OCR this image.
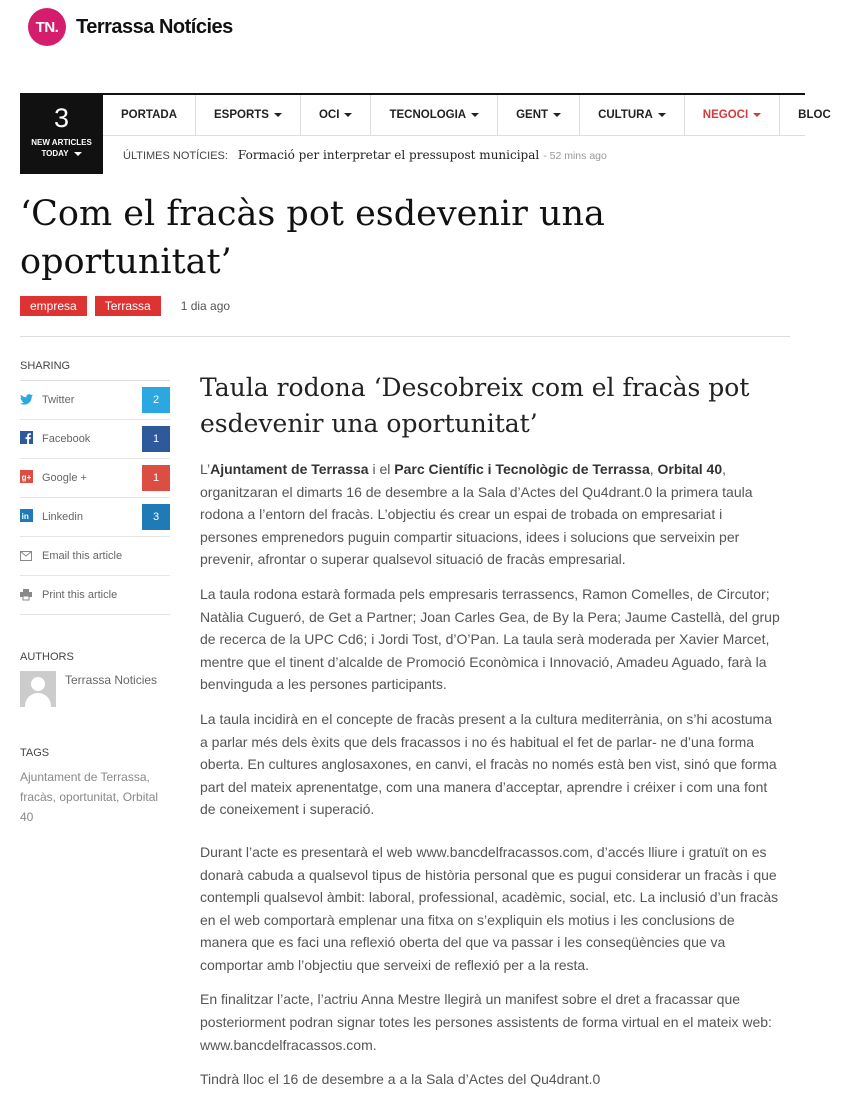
TN. Terrassa Notícies
3
NEW ARTICLES
TODAY
PORTADA	ESPORTS	OCI	TECNOLOGIA	GENT	CULTURA	NEGOCI	BLOC
ÚLTIMES NOTÍCIES: Formació per interpretar el pressupost municipal - 52 mins ago
‘Com el fracàs pot esdevenir una oportunitat’
empresa	Terrassa	1 dia ago
SHARING
Twitter	2
Facebook	1
g+ Google +	1
in Linkedin	3
Email this article
Print this article
AUTHORS
Terrassa Noticies
TAGS
Ajuntament de Terrassa, fracàs, oportunitat, Orbital 40
Taula rodona ‘Descobreix com el fracàs pot esdevenir una oportunitat’

L’Ajuntament de Terrassa i el Parc Científic i Tecnològic de Terrassa, Orbital 40, organitzaran el dimarts 16 de desembre a la Sala d’Actes del Qu4drant.0 la primera taula rodona a l’entorn del fracàs. L’objectiu és crear un espai de trobada on empresariat i persones emprenedors puguin compartir situacions, idees i solucions que serveixin per prevenir, afrontar o superar qualsevol situació de fracàs empresarial.

La taula rodona estarà formada pels empresaris terrassencs, Ramon Comelles, de Circutor; Natàlia Cugueró, de Get a Partner; Joan Carles Gea, de By la Pera; Jaume Castellà, del grup de recerca de la UPC Cd6; i Jordi Tost, d’O’Pan. La taula serà moderada per Xavier Marcet, mentre que el tinent d’alcalde de Promoció Econòmica i Innovació, Amadeu Aguado, farà la benvinguda a les persones participants.

La taula incidirà en el concepte de fracàs present a la cultura mediterrània, on s’hi acostuma a parlar més dels èxits que dels fracassos i no és habitual el fet de parlar- ne d’una forma oberta. En cultures anglosaxones, en canvi, el fracàs no només està ben vist, sinó que forma part del mateix aprenentatge, com una manera d’acceptar, aprendre i créixer i com una font de coneixement i superació.

Durant l’acte es presentarà el web www.bancdelfracassos.com, d’accés lliure i gratuït on es donarà cabuda a qualsevol tipus de història personal que es pugui considerar un fracàs i que contempli qualsevol àmbit: laboral, professional, acadèmic, social, etc. La inclusió d’un fracàs en el web comportarà emplenar una fitxa on s’expliquin els motius i les conclusions de manera que es faci una reflexió oberta del que va passar i les conseqüències que va comportar amb l’objectiu que serveixi de reflexió per a la resta.

En finalitzar l’acte, l’actriu Anna Mestre llegirà un manifest sobre el dret a fracassar que posteriorment podran signar totes les persones assistents de forma virtual en el mateix web: www.bancdelfracassos.com.

Tindrà lloc el 16 de desembre a a la Sala d’Actes del Qu4drant.0
